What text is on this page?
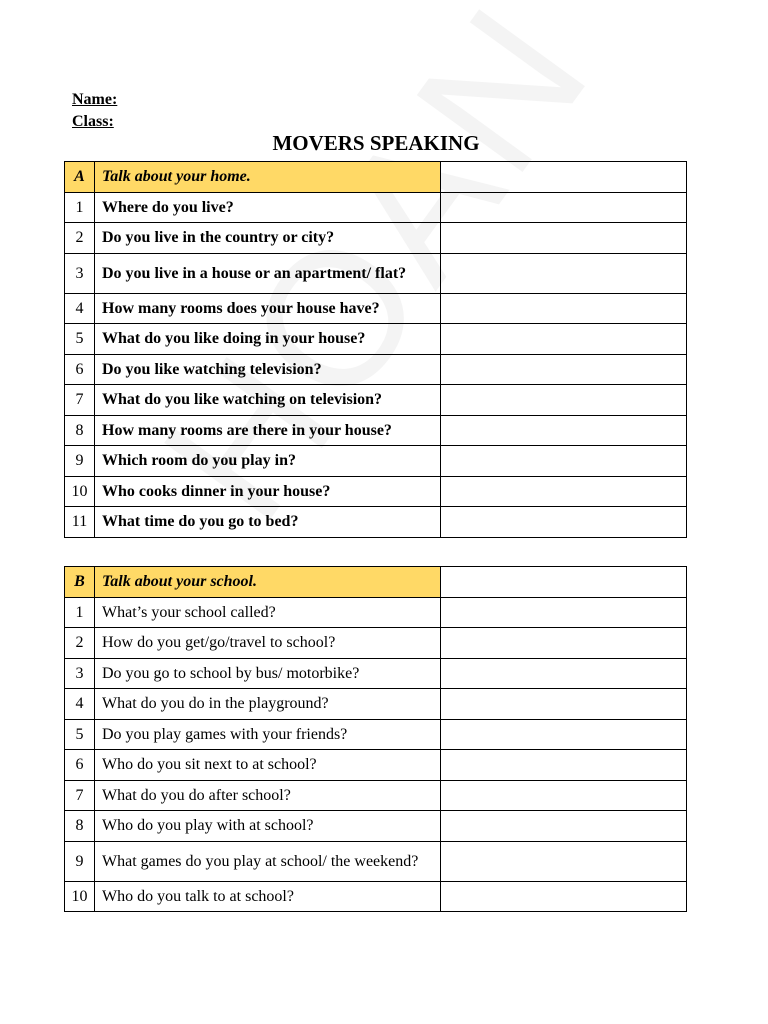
Name:
Class:
MOVERS SPEAKING
A	Talk about your home.	
1	Where do you live?	
2	Do you live in the country or city?	
3	Do you live in a house or an apartment/ flat?	
4	How many rooms does your house have?	
5	What do you like doing in your house?	
6	Do you like watching television?	
7	What do you like watching on television?	
8	How many rooms are there in your house?	
9	Which room do you play in?	
10	Who cooks dinner in your house?	
11	What time do you go to bed?	
B	Talk about your school.	
1	What’s your school called?	
2	How do you get/go/travel to school?	
3	Do you go to school by bus/ motorbike?	
4	What do you do in the playground?	
5	Do you play games with your friends?	
6	Who do you sit next to at school?	
7	What do you do after school?	
8	Who do you play with at school?	
9	What games do you play at school/ the weekend?	
10	Who do you talk to at school?	
